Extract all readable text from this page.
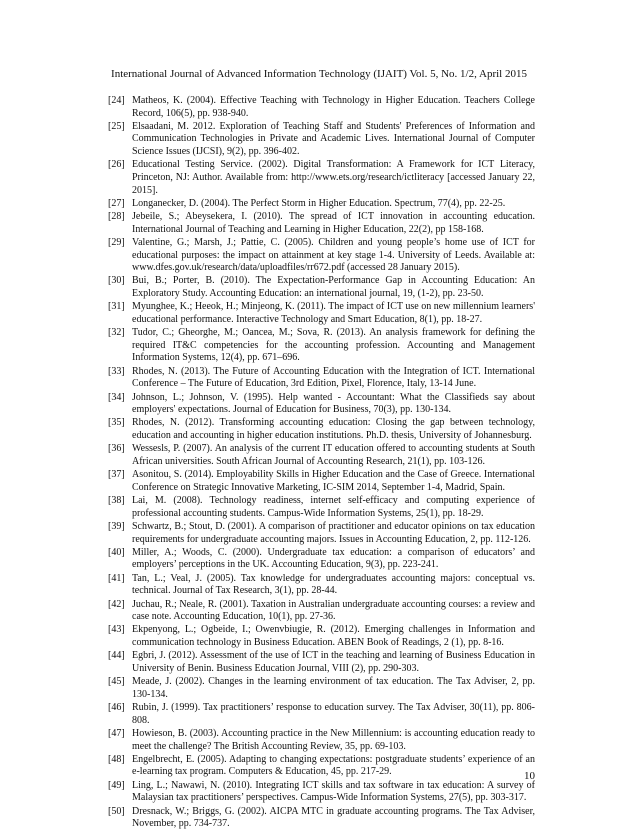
International Journal of Advanced Information Technology (IJAIT) Vol. 5, No. 1/2, April 2015
[24] Matheos, K. (2004). Effective Teaching with Technology in Higher Education. Teachers College Record, 106(5), pp. 938-940.
[25] Elsaadani, M. 2012. Exploration of Teaching Staff and Students' Preferences of Information and Communication Technologies in Private and Academic Lives. International Journal of Computer Science Issues (IJCSI), 9(2), pp. 396-402.
[26] Educational Testing Service. (2002). Digital Transformation: A Framework for ICT Literacy, Princeton, NJ: Author. Available from: http://www.ets.org/research/ictliteracy [accessed January 22, 2015].
[27] Longanecker, D. (2004). The Perfect Storm in Higher Education. Spectrum, 77(4), pp. 22-25.
[28] Jebeile, S.; Abeysekera, I. (2010). The spread of ICT innovation in accounting education. International Journal of Teaching and Learning in Higher Education, 22(2), pp 158-168.
[29] Valentine, G.; Marsh, J.; Pattie, C. (2005). Children and young people’s home use of ICT for educational purposes: the impact on attainment at key stage 1-4. University of Leeds. Available at: www.dfes.gov.uk/research/data/uploadfiles/rr672.pdf (accessed 28 January 2015).
[30] Bui, B.; Porter, B. (2010). The Expectation-Performance Gap in Accounting Education: An Exploratory Study. Accounting Education: an international journal, 19, (1-2), pp. 23-50.
[31] Myunghee, K.; Heeok, H.; Minjeong, K. (2011). The impact of ICT use on new millennium learners' educational performance. Interactive Technology and Smart Education, 8(1), pp. 18-27.
[32] Tudor, C.; Gheorghe, M.; Oancea, M.; Sova, R. (2013). An analysis framework for defining the required IT&C competencies for the accounting profession. Accounting and Management Information Systems, 12(4), pp. 671–696.
[33] Rhodes, N. (2013). The Future of Accounting Education with the Integration of ICT. International Conference – The Future of Education, 3rd Edition, Pixel, Florence, Italy, 13-14 June.
[34] Johnson, L.; Johnson, V. (1995). Help wanted - Accountant: What the Classifieds say about employers' expectations. Journal of Education for Business, 70(3), pp. 130-134.
[35] Rhodes, N. (2012). Transforming accounting education: Closing the gap between technology, education and accounting in higher education institutions. Ph.D. thesis, University of Johannesburg.
[36] Wessesls, P. (2007). An analysis of the current IT education offered to accounting students at South African universities. South African Journal of Accounting Research, 21(1), pp. 103-126.
[37] Asonitou, S. (2014). Employability Skills in Higher Education and the Case of Greece. International Conference on Strategic Innovative Marketing, IC-SIM 2014, September 1-4, Madrid, Spain.
[38] Lai, M. (2008). Technology readiness, internet self-efficacy and computing experience of professional accounting students. Campus-Wide Information Systems, 25(1), pp. 18-29.
[39] Schwartz, B.; Stout, D. (2001). A comparison of practitioner and educator opinions on tax education requirements for undergraduate accounting majors. Issues in Accounting Education, 2, pp. 112-126.
[40] Miller, A.; Woods, C. (2000). Undergraduate tax education: a comparison of educators’ and employers’ perceptions in the UK. Accounting Education, 9(3), pp. 223-241.
[41] Tan, L.; Veal, J. (2005). Tax knowledge for undergraduates accounting majors: conceptual vs. technical. Journal of Tax Research, 3(1), pp. 28-44.
[42] Juchau, R.; Neale, R. (2001). Taxation in Australian undergraduate accounting courses: a review and case note. Accounting Education, 10(1), pp. 27-36.
[43] Ekpenyong, L.; Ogbeide, I.; Owenvbiugie, R. (2012). Emerging challenges in Information and communication technology in Business Education. ABEN Book of Readings, 2 (1), pp. 8-16.
[44] Egbri, J. (2012). Assessment of the use of ICT in the teaching and learning of Business Education in University of Benin. Business Education Journal, VIII (2), pp. 290-303.
[45] Meade, J. (2002). Changes in the learning environment of tax education. The Tax Adviser, 2, pp. 130-134.
[46] Rubin, J. (1999). Tax practitioners’ response to education survey. The Tax Adviser, 30(11), pp. 806-808.
[47] Howieson, B. (2003). Accounting practice in the New Millennium: is accounting education ready to meet the challenge? The British Accounting Review, 35, pp. 69-103.
[48] Engelbrecht, E. (2005). Adapting to changing expectations: postgraduate students’ experience of an e-learning tax program. Computers & Education, 45, pp. 217-29.
[49] Ling, L.; Nawawi, N. (2010). Integrating ICT skills and tax software in tax education: A survey of Malaysian tax practitioners’ perspectives. Campus-Wide Information Systems, 27(5), pp. 303-317.
[50] Dresnack, W.; Briggs, G. (2002). AICPA MTC in graduate accounting programs. The Tax Adviser, November, pp. 734-737.
10
